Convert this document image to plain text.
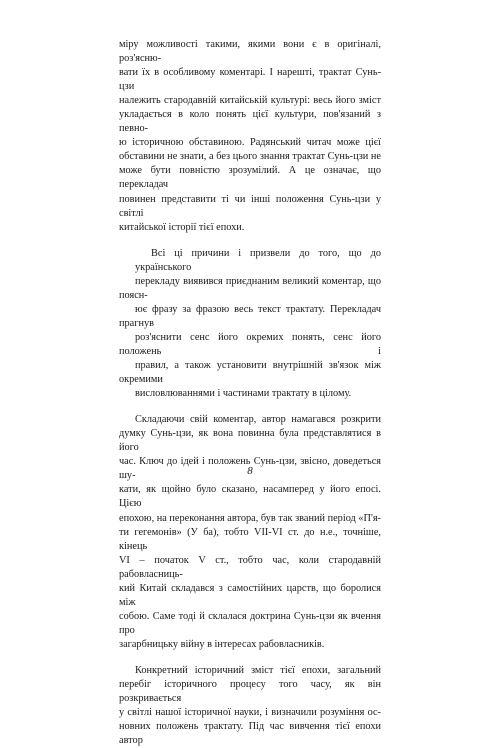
міру можливості такими, якими вони є в оригіналі, роз'ясню-
вати їх в особливому коментарі. І нарешті, трактат Сунь-цзи
належить стародавній китайській культурі: весь його зміст
укладається в коло понять цієї культури, пов'язаний з певно-
ю історичною обставиною. Радянський читач може цієї
обставини не знати, а без цього знання трактат Сунь-цзи не
може бути повністю зрозумілий. А це означає, що перекладач
повинен представити ті чи інші положення Сунь-цзи у світлі
китайської історії тієї епохи.

Всі ці причини і призвели до того, що до українського
перекладу виявився приєднаним великий коментар, що поясн-
ює фразу за фразою весь текст трактату. Перекладач прагнув
роз'яснити сенс його окремих понять, сенс його положень і
правил, а також установити внутрішній зв'язок між окремими
висловлюваннями і частинами трактату в цілому.

Складаючи свій коментар, автор намагався розкрити
думку Сунь-цзи, як вона повинна була представлятися в його
час. Ключ до ідей і положень Сунь-цзи, звісно, доведеться шу-
кати, як щойно було сказано, насамперед у його епосі. Цією
епохою, на переконання автора, був так званий період «П'я-
ти гегемонів» (У ба), тобто VII-VI ст. до н.е., точніше, кінець
VI – початок V ст., тобто час, коли стародавній рабовласниць-
кий Китай складався з самостійних царств, що боролися між
собою. Саме тоді й склалася доктрина Сунь-цзи як вчення про
загарбницьку війну в інтересах рабовласників.

Конкретний історичний зміст тієї епохи, загальний
перебіг історичного процесу того часу, як він розкривається
у світлі нашої історичної науки, і визначили розуміння ос-
новних положень трактату. Під час вивчення тієї епохи автор

8
